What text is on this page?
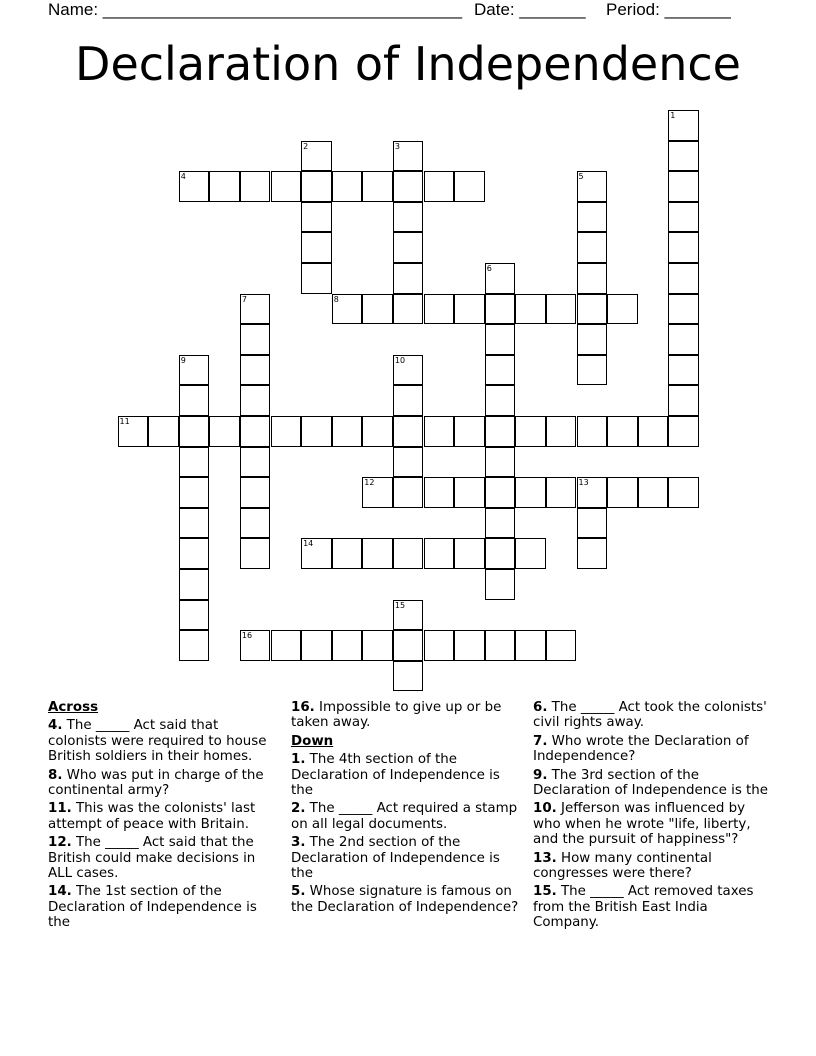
Name: ______________________________________ Date: _______ Period: _______
Declaration of Independence
4
8
11
12	13
14
16
1
2	3
5
6
7
9	10
15
Across
4. The _____ Act said that colonists were required to house British soldiers in their homes.
8. Who was put in charge of the continental army?
11. This was the colonists' last attempt of peace with Britain.
12. The _____ Act said that the British could make decisions in ALL cases.
14. The 1st section of the Declaration of Independence is the
16. Impossible to give up or be taken away.
Down
1. The 4th section of the Declaration of Independence is the
2. The _____ Act required a stamp on all legal documents.
3. The 2nd section of the Declaration of Independence is the
5. Whose signature is famous on the Declaration of Independence?
6. The _____ Act took the colonists' civil rights away.
7. Who wrote the Declaration of Independence?
9. The 3rd section of the Declaration of Independence is the
10. Jefferson was influenced by who when he wrote "life, liberty, and the pursuit of happiness"?
13. How many continental congresses were there?
15. The _____ Act removed taxes from the British East India Company.
